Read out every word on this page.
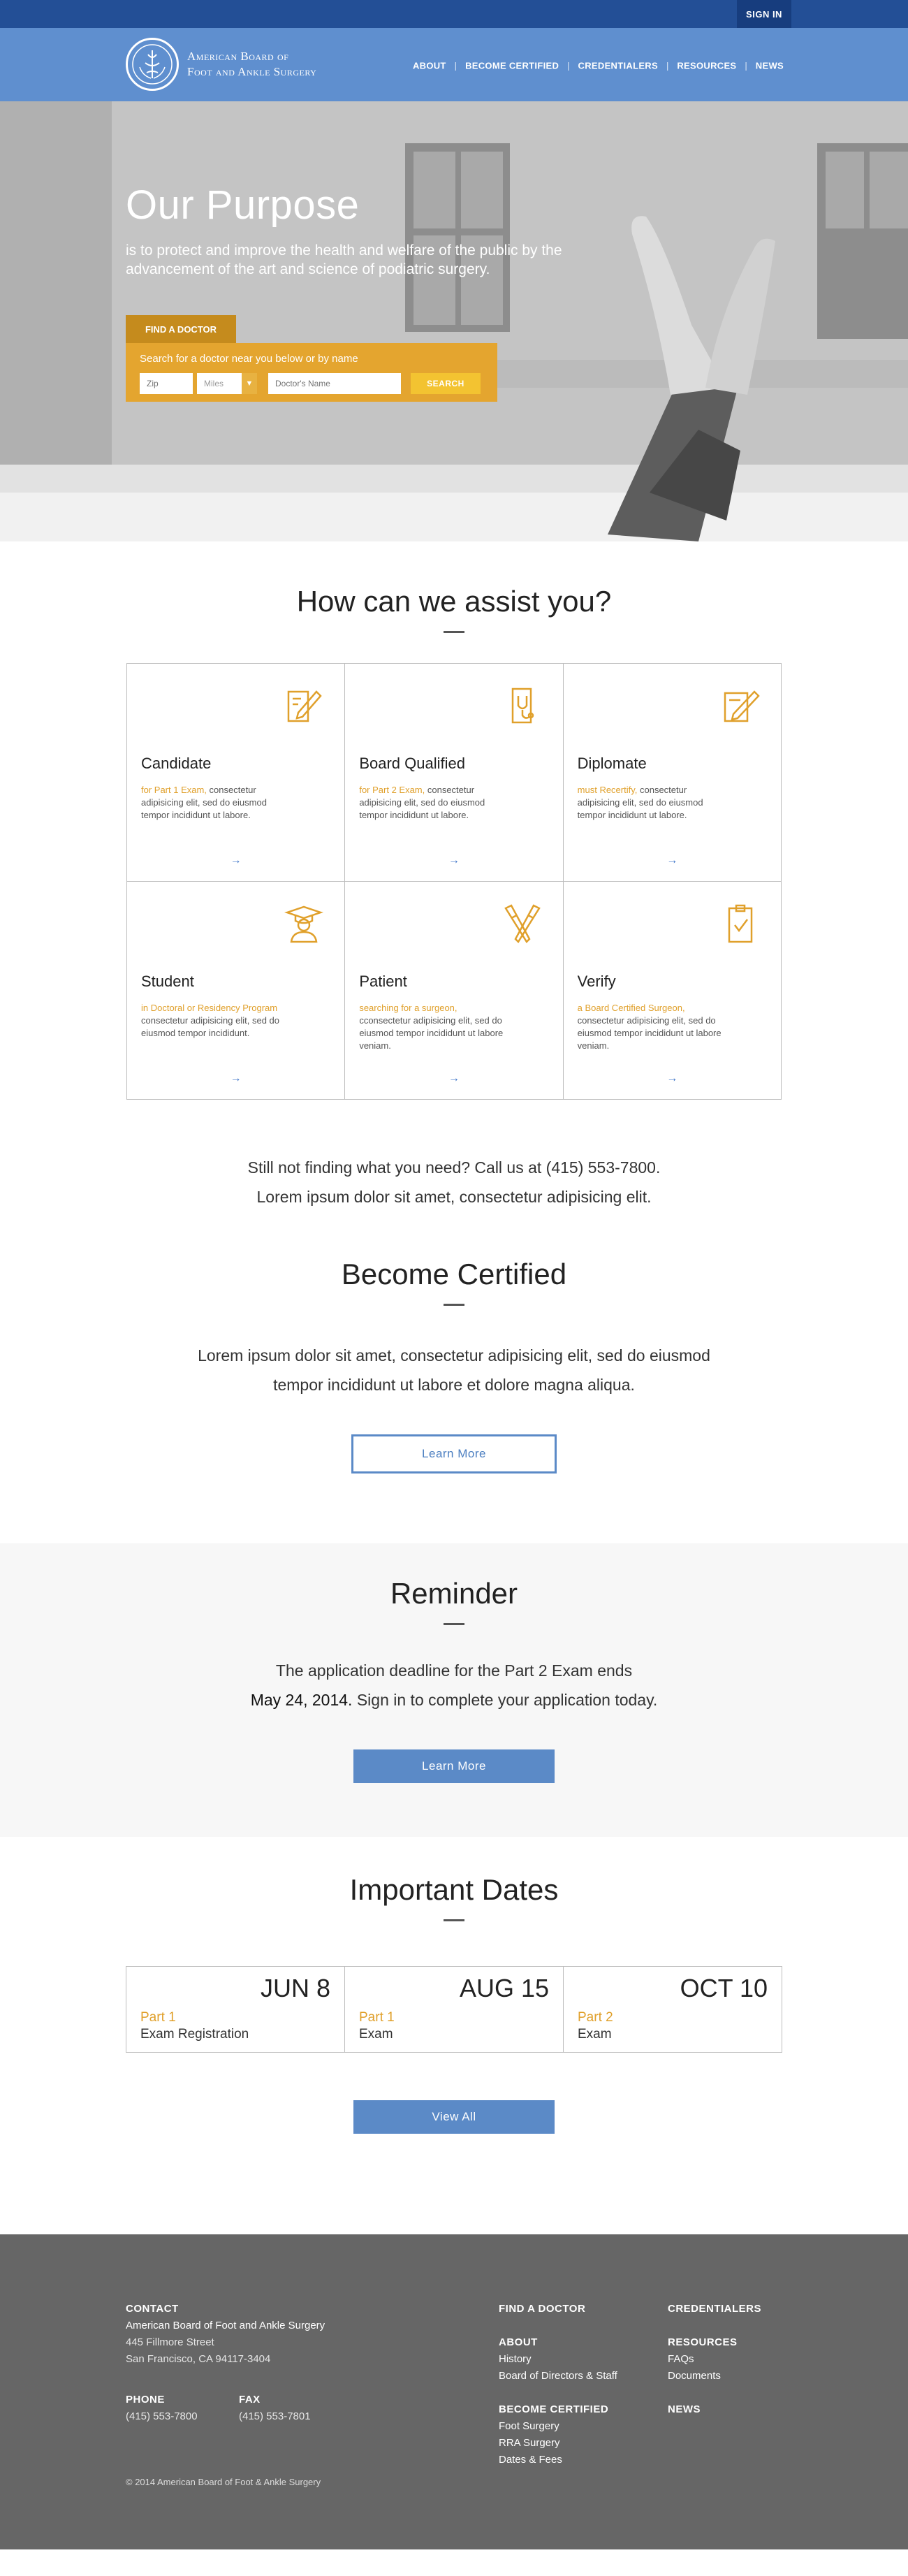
SIGN IN
American Board of
Foot and Ankle Surgery	ABOUT | BECOME CERTIFIED | CREDENTIALERS | RESOURCES | NEWS
Our Purpose

is to protect and improve the health and welfare of the public by the advancement of the art and science of podiatric surgery.

FIND A DOCTOR
Search for a doctor near you below or by name
Zip
Miles	▼
Doctor's Name	SEARCH
How can we assist you?
Candidate
for Part 1 Exam, consectetur adipisicing elit, sed do eiusmod tempor incididunt ut labore.
→
Board Qualified
for Part 2 Exam, consectetur adipisicing elit, sed do eiusmod tempor incididunt ut labore.
→
Diplomate
must Recertify, consectetur adipisicing elit, sed do eiusmod tempor incididunt ut labore.
→
Student
in Doctoral or Residency Program consectetur adipisicing elit, sed do eiusmod tempor incididunt.
→
Patient
searching for a surgeon, cconsectetur adipisicing elit, sed do eiusmod tempor incididunt ut labore veniam.
→
Verify
a Board Certified Surgeon, consectetur adipisicing elit, sed do eiusmod tempor incididunt ut labore veniam.
→
Still not finding what you need? Call us at (415) 553-7800.
Lorem ipsum dolor sit amet, consectetur adipisicing elit.
Become Certified

Lorem ipsum dolor sit amet, consectetur adipisicing elit, sed do eiusmod tempor incididunt ut labore et dolore magna aliqua.

Learn More
Reminder

The application deadline for the Part 2 Exam ends
May 24, 2014. Sign in to complete your application today.

Learn More
Important Dates
JUN 8
Part 1
Exam Registration
AUG 15
Part 1
Exam
OCT 10
Part 2
Exam
View All
CONTACT
American Board of Foot and Ankle Surgery
445 Fillmore Street
San Francisco, CA 94117-3404
PHONE
(415) 553-7800
FAX
(415) 553-7801
FIND A DOCTOR
ABOUT
History
Board of Directors & Staff
BECOME CERTIFIED
Foot Surgery
RRA Surgery
Dates & Fees
CREDENTIALERS
RESOURCES
FAQs
Documents
NEWS
© 2014 American Board of Foot & Ankle Surgery
